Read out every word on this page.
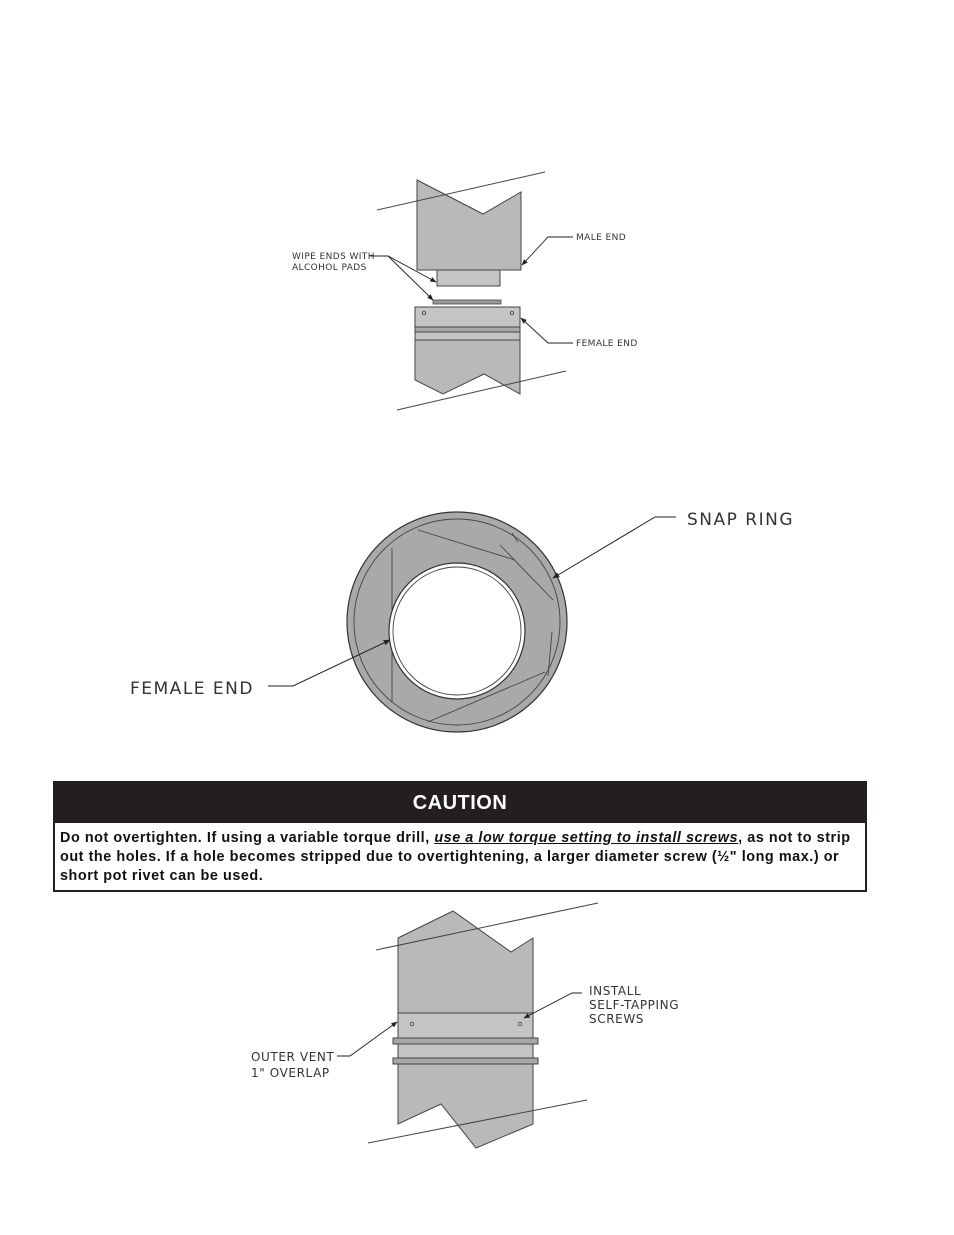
WIPE ENDS WITH
ALCOHOL PADS
MALE END
FEMALE END
SNAP RING
FEMALE END
INSTALL
SELF-TAPPING
SCREWS
OUTER VENT
1" OVERLAP
CAUTION
Do not overtighten. If using a variable torque drill, use a low torque setting to install screws, as not to strip out the holes. If a hole becomes stripped due to overtightening, a larger diameter screw (½" long max.) or short pot rivet can be used.
